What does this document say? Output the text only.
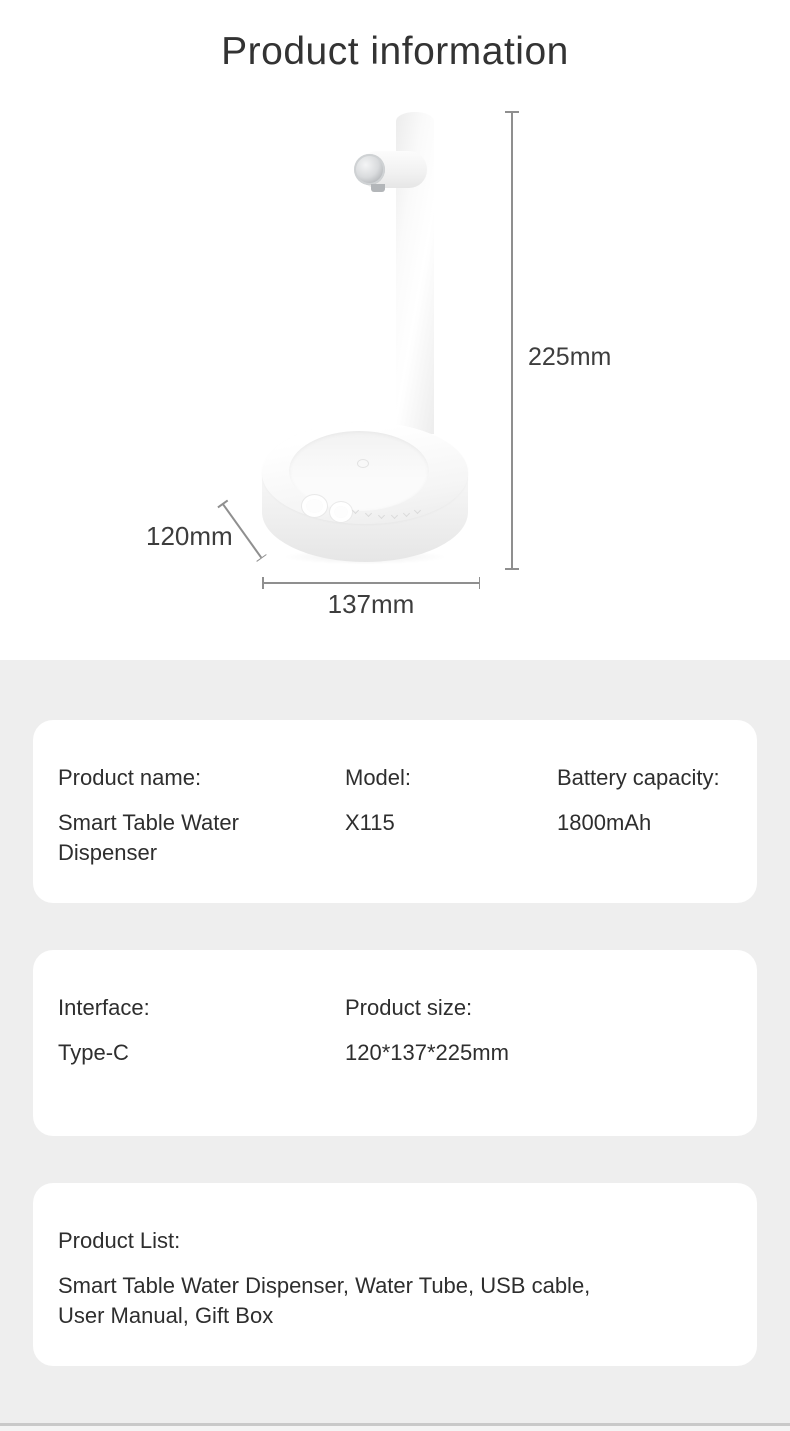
Product information
225mm
120mm
137mm
Product name:
Smart Table Water Dispenser
Model:
X115
Battery capacity:
1800mAh
Interface:
Type-C
Product size:
120*137*225mm
Product List:
Smart Table Water Dispenser, Water Tube, USB cable, User Manual, Gift Box
